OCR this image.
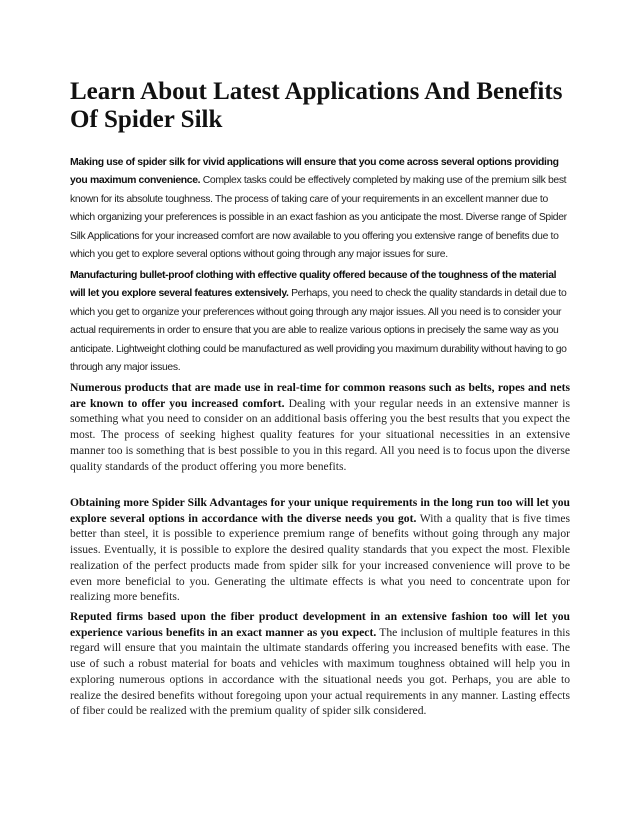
Learn About Latest Applications And Benefits Of Spider Silk

Making use of spider silk for vivid applications will ensure that you come across several options providing you maximum convenience. Complex tasks could be effectively completed by making use of the premium silk best known for its absolute toughness. The process of taking care of your requirements in an excellent manner due to which organizing your preferences is possible in an exact fashion as you anticipate the most. Diverse range of Spider Silk Applications for your increased comfort are now available to you offering you extensive range of benefits due to which you get to explore several options without going through any major issues for sure.

Manufacturing bullet-proof clothing with effective quality offered because of the toughness of the material will let you explore several features extensively. Perhaps, you need to check the quality standards in detail due to which you get to organize your preferences without going through any major issues. All you need is to consider your actual requirements in order to ensure that you are able to realize various options in precisely the same way as you anticipate. Lightweight clothing could be manufactured as well providing you maximum durability without having to go through any major issues.

Numerous products that are made use in real-time for common reasons such as belts, ropes and nets are known to offer you increased comfort. Dealing with your regular needs in an extensive manner is something what you need to consider on an additional basis offering you the best results that you expect the most. The process of seeking highest quality features for your situational necessities in an extensive manner too is something that is best possible to you in this regard. All you need is to focus upon the diverse quality standards of the product offering you more benefits.

Obtaining more Spider Silk Advantages for your unique requirements in the long run too will let you explore several options in accordance with the diverse needs you got. With a quality that is five times better than steel, it is possible to experience premium range of benefits without going through any major issues. Eventually, it is possible to explore the desired quality standards that you expect the most. Flexible realization of the perfect products made from spider silk for your increased convenience will prove to be even more beneficial to you. Generating the ultimate effects is what you need to concentrate upon for realizing more benefits.

Reputed firms based upon the fiber product development in an extensive fashion too will let you experience various benefits in an exact manner as you expect. The inclusion of multiple features in this regard will ensure that you maintain the ultimate standards offering you increased benefits with ease. The use of such a robust material for boats and vehicles with maximum toughness obtained will help you in exploring numerous options in accordance with the situational needs you got. Perhaps, you are able to realize the desired benefits without foregoing upon your actual requirements in any manner. Lasting effects of fiber could be realized with the premium quality of spider silk considered.
